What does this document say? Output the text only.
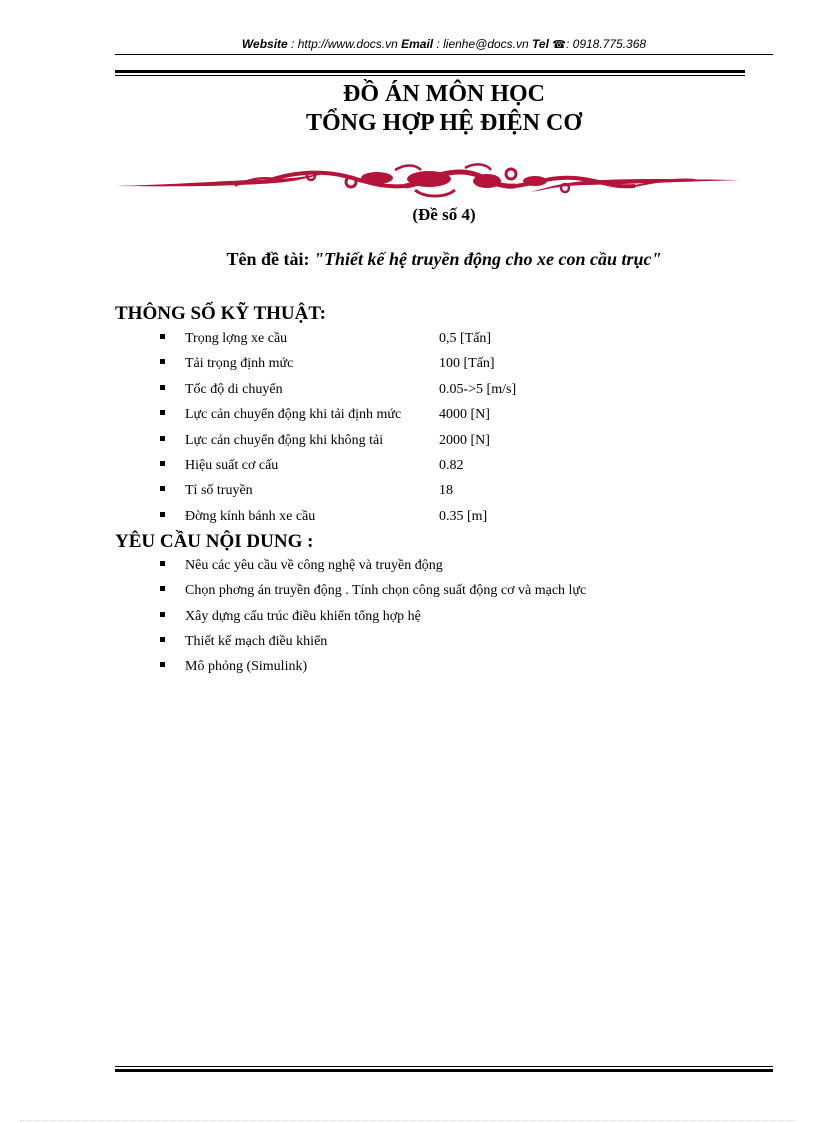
Website : http://www.docs.vn Email : lienhe@docs.vn Tel ☎: 0918.775.368
ĐỒ ÁN MÔN HỌC
TỔNG HỢP HỆ ĐIỆN CƠ
(Đề số 4)
Tên đề tài: "Thiết kế hệ truyền động cho xe con cầu trục"
THÔNG SỐ KỸ THUẬT:
Trọng lợng xe cầu	0,5 [Tấn]
Tải trọng định mức	100 [Tấn]
Tốc độ di chuyển	0.05->5 [m/s]
Lực cản chuyển động khi tải định mức	4000 [N]
Lực cản chuyển động khi không tải	2000 [N]
Hiệu suất cơ cấu	0.82
Tỉ số truyền	18
Đờng kính bánh xe cầu	0.35 [m]
YÊU CẦU NỘI DUNG :
Nêu các yêu cầu về công nghệ và truyền động
Chọn phơng án truyền động . Tính chọn công suất động cơ và mạch lực
Xây dựng cấu trúc điều khiển tổng hợp hệ
Thiết kế mạch điều khiển
Mô phỏng (Simulink)
